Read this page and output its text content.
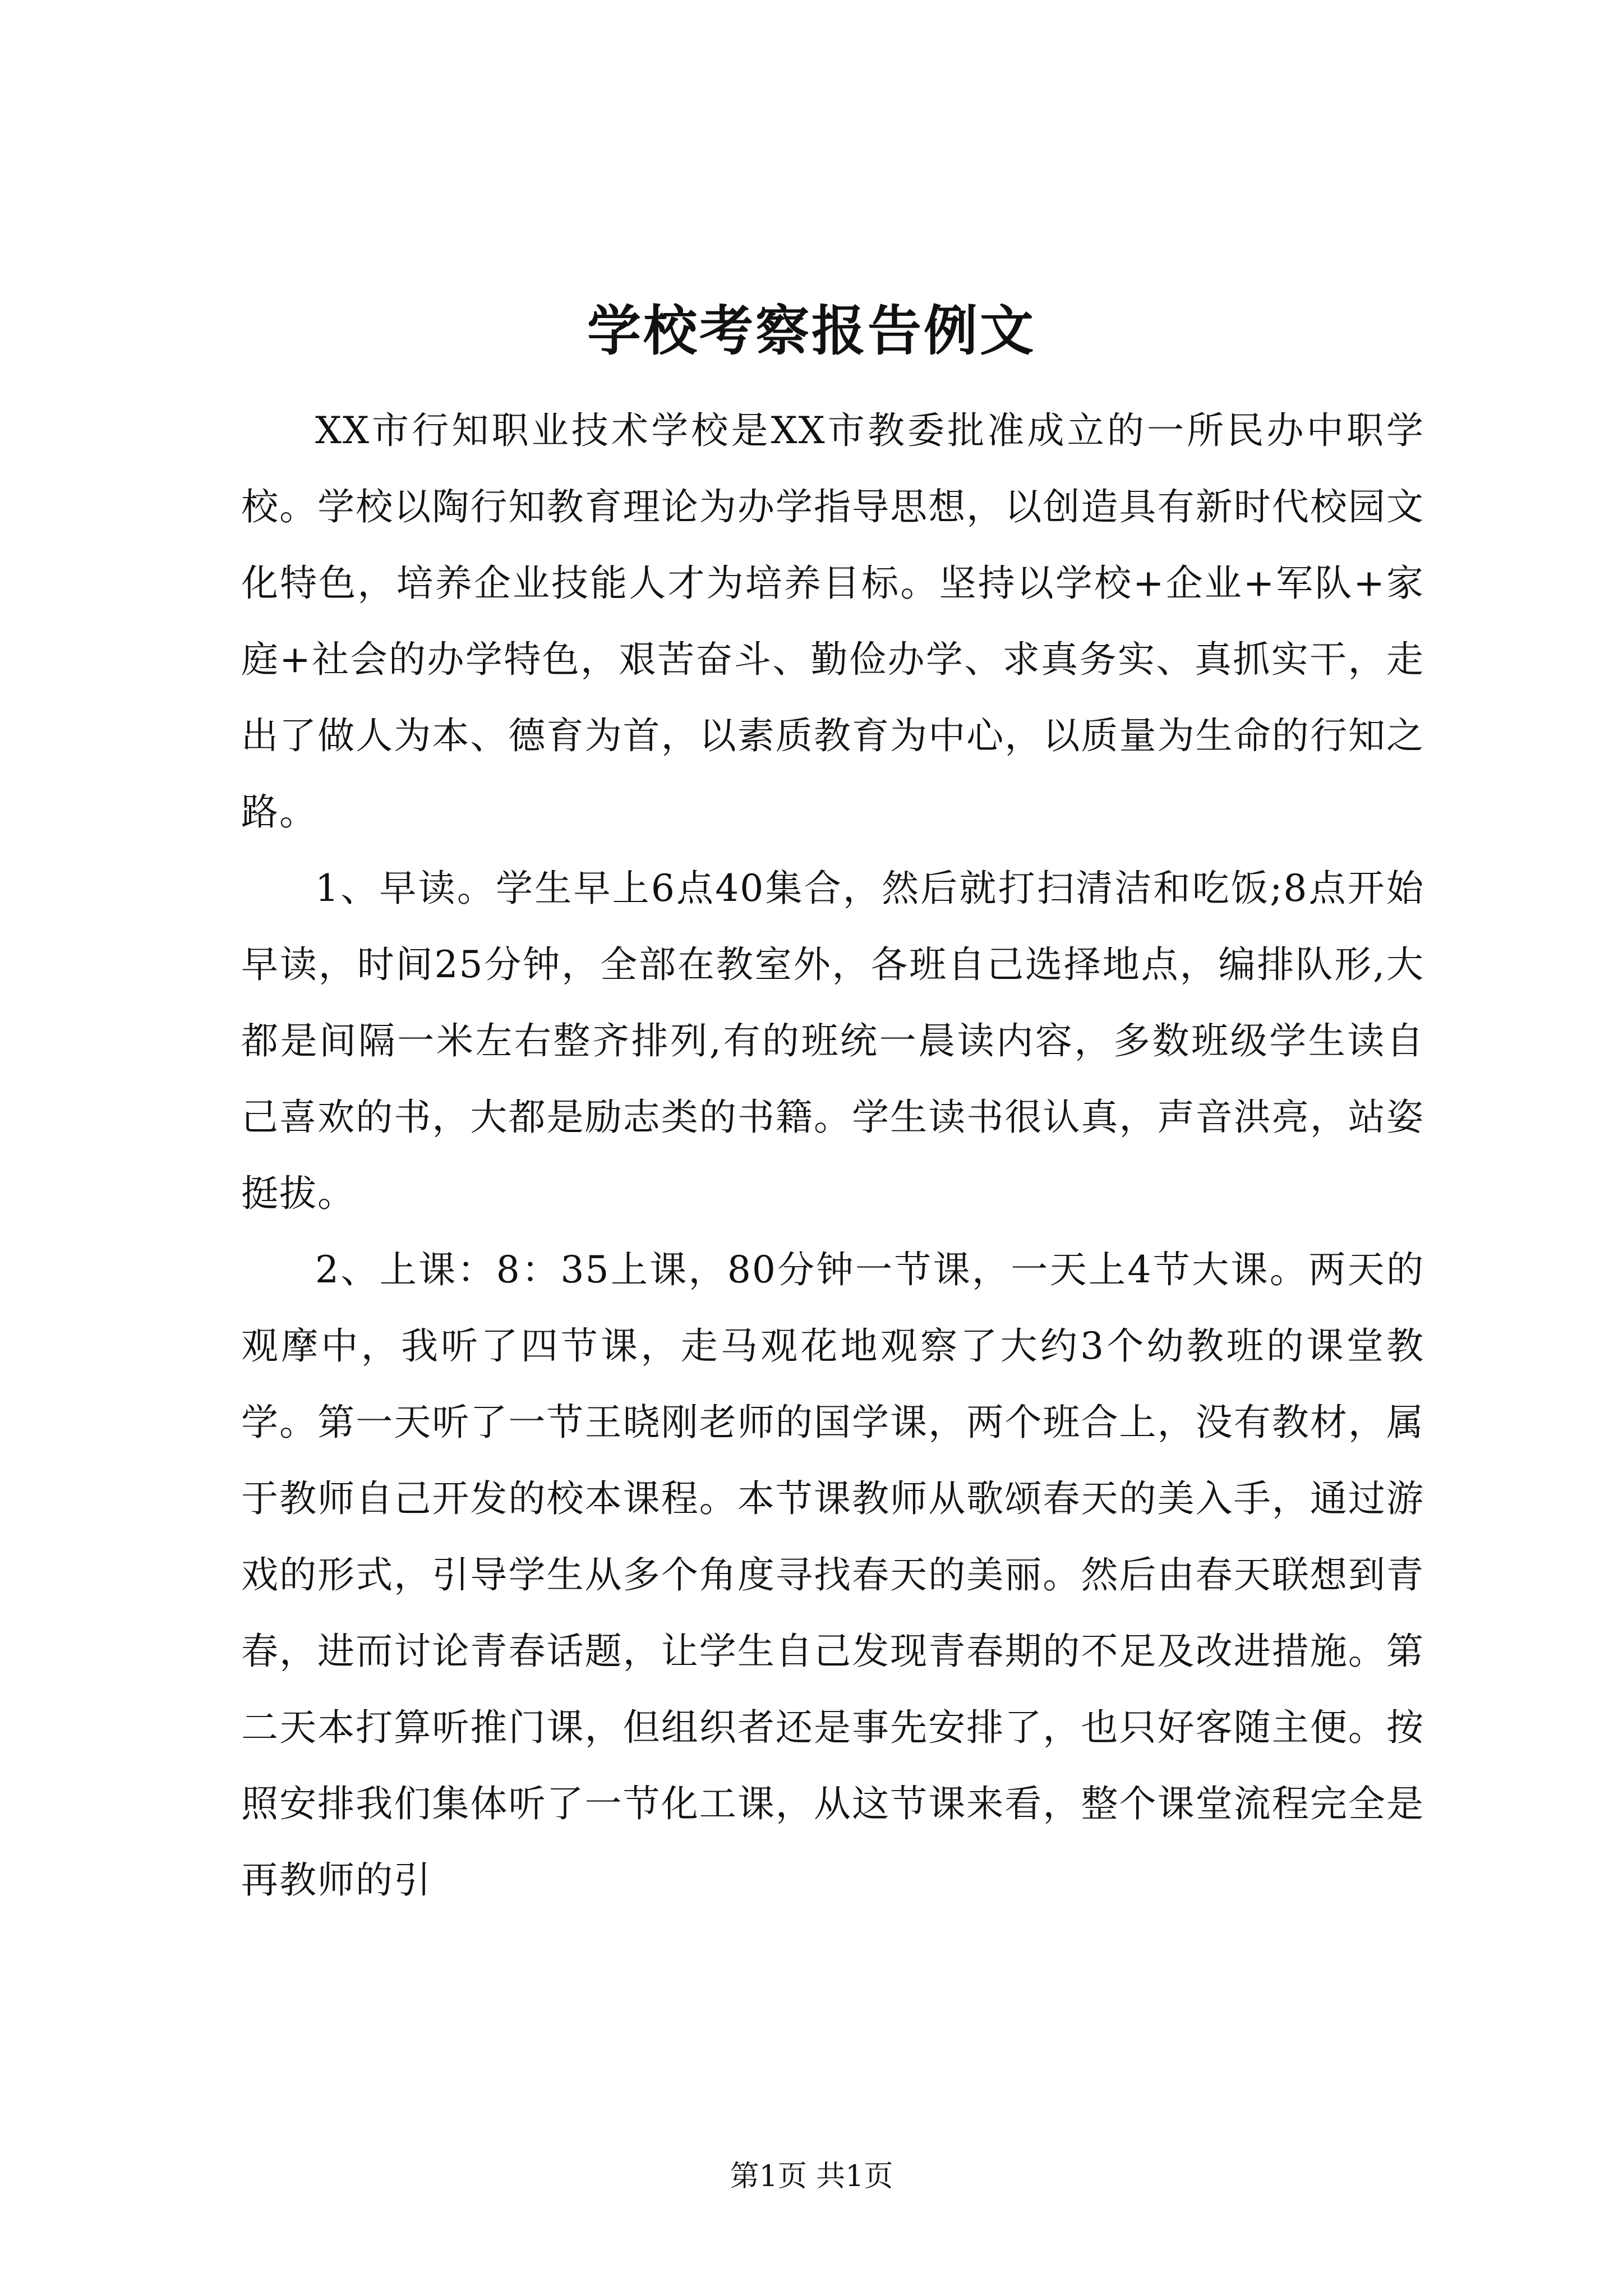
学校考察报告例文

XX市行知职业技术学校是XX市教委批准成立的一所民办中职学校。学校以陶行知教育理论为办学指导思想，以创造具有新时代校园文化特色，培养企业技能人才为培养目标。坚持以学校+企业+军队+家庭+社会的办学特色，艰苦奋斗、勤俭办学、求真务实、真抓实干，走出了做人为本、德育为首，以素质教育为中心，以质量为生命的行知之路。

1、早读。学生早上6点40集合，然后就打扫清洁和吃饭;8点开始早读，时间25分钟，全部在教室外，各班自己选择地点，编排队形,大都是间隔一米左右整齐排列,有的班统一晨读内容，多数班级学生读自己喜欢的书，大都是励志类的书籍。学生读书很认真，声音洪亮，站姿挺拔。

2、上课：8：35上课，80分钟一节课，一天上4节大课。两天的观摩中，我听了四节课，走马观花地观察了大约3个幼教班的课堂教学。第一天听了一节王晓刚老师的国学课，两个班合上，没有教材，属于教师自己开发的校本课程。本节课教师从歌颂春天的美入手，通过游戏的形式，引导学生从多个角度寻找春天的美丽。然后由春天联想到青春，进而讨论青春话题，让学生自己发现青春期的不足及改进措施。第二天本打算听推门课，但组织者还是事先安排了，也只好客随主便。按照安排我们集体听了一节化工课，从这节课来看，整个课堂流程完全是再教师的引

第1页 共1页
